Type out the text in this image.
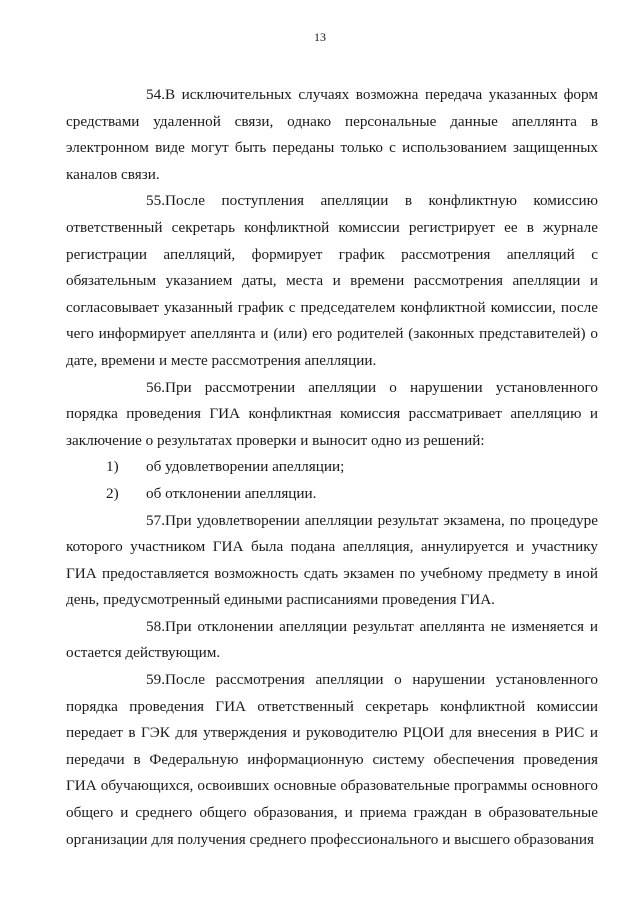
13

54.В исключительных случаях возможна передача указанных форм средствами удаленной связи, однако персональные данные апеллянта в электронном виде могут быть переданы только с использованием защищенных каналов связи.

55.После поступления апелляции в конфликтную комиссию ответственный секретарь конфликтной комиссии регистрирует ее в журнале регистрации апелляций, формирует график рассмотрения апелляций с обязательным указанием даты, места и времени рассмотрения апелляции и согласовывает указанный график с председателем конфликтной комиссии, после чего информирует апеллянта и (или) его родителей (законных представителей) о дате, времени и месте рассмотрения апелляции.

56.При рассмотрении апелляции о нарушении установленного порядка проведения ГИА конфликтная комиссия рассматривает апелляцию и заключение о результатах проверки и выносит одно из решений:

1) об удовлетворении апелляции;

2) об отклонении апелляции.

57.При удовлетворении апелляции результат экзамена, по процедуре которого участником ГИА была подана апелляция, аннулируется и участнику ГИА предоставляется возможность сдать экзамен по учебному предмету в иной день, предусмотренный едиными расписаниями проведения ГИА.

58.При отклонении апелляции результат апеллянта не изменяется и остается действующим.

59.После рассмотрения апелляции о нарушении установленного порядка проведения ГИА ответственный секретарь конфликтной комиссии передает в ГЭК для утверждения и руководителю РЦОИ для внесения в РИС и передачи в Федеральную информационную систему обеспечения проведения ГИА обучающихся, освоивших основные образовательные программы основного общего и среднего общего образования, и приема граждан в образовательные организации для получения среднего профессионального и высшего образования
